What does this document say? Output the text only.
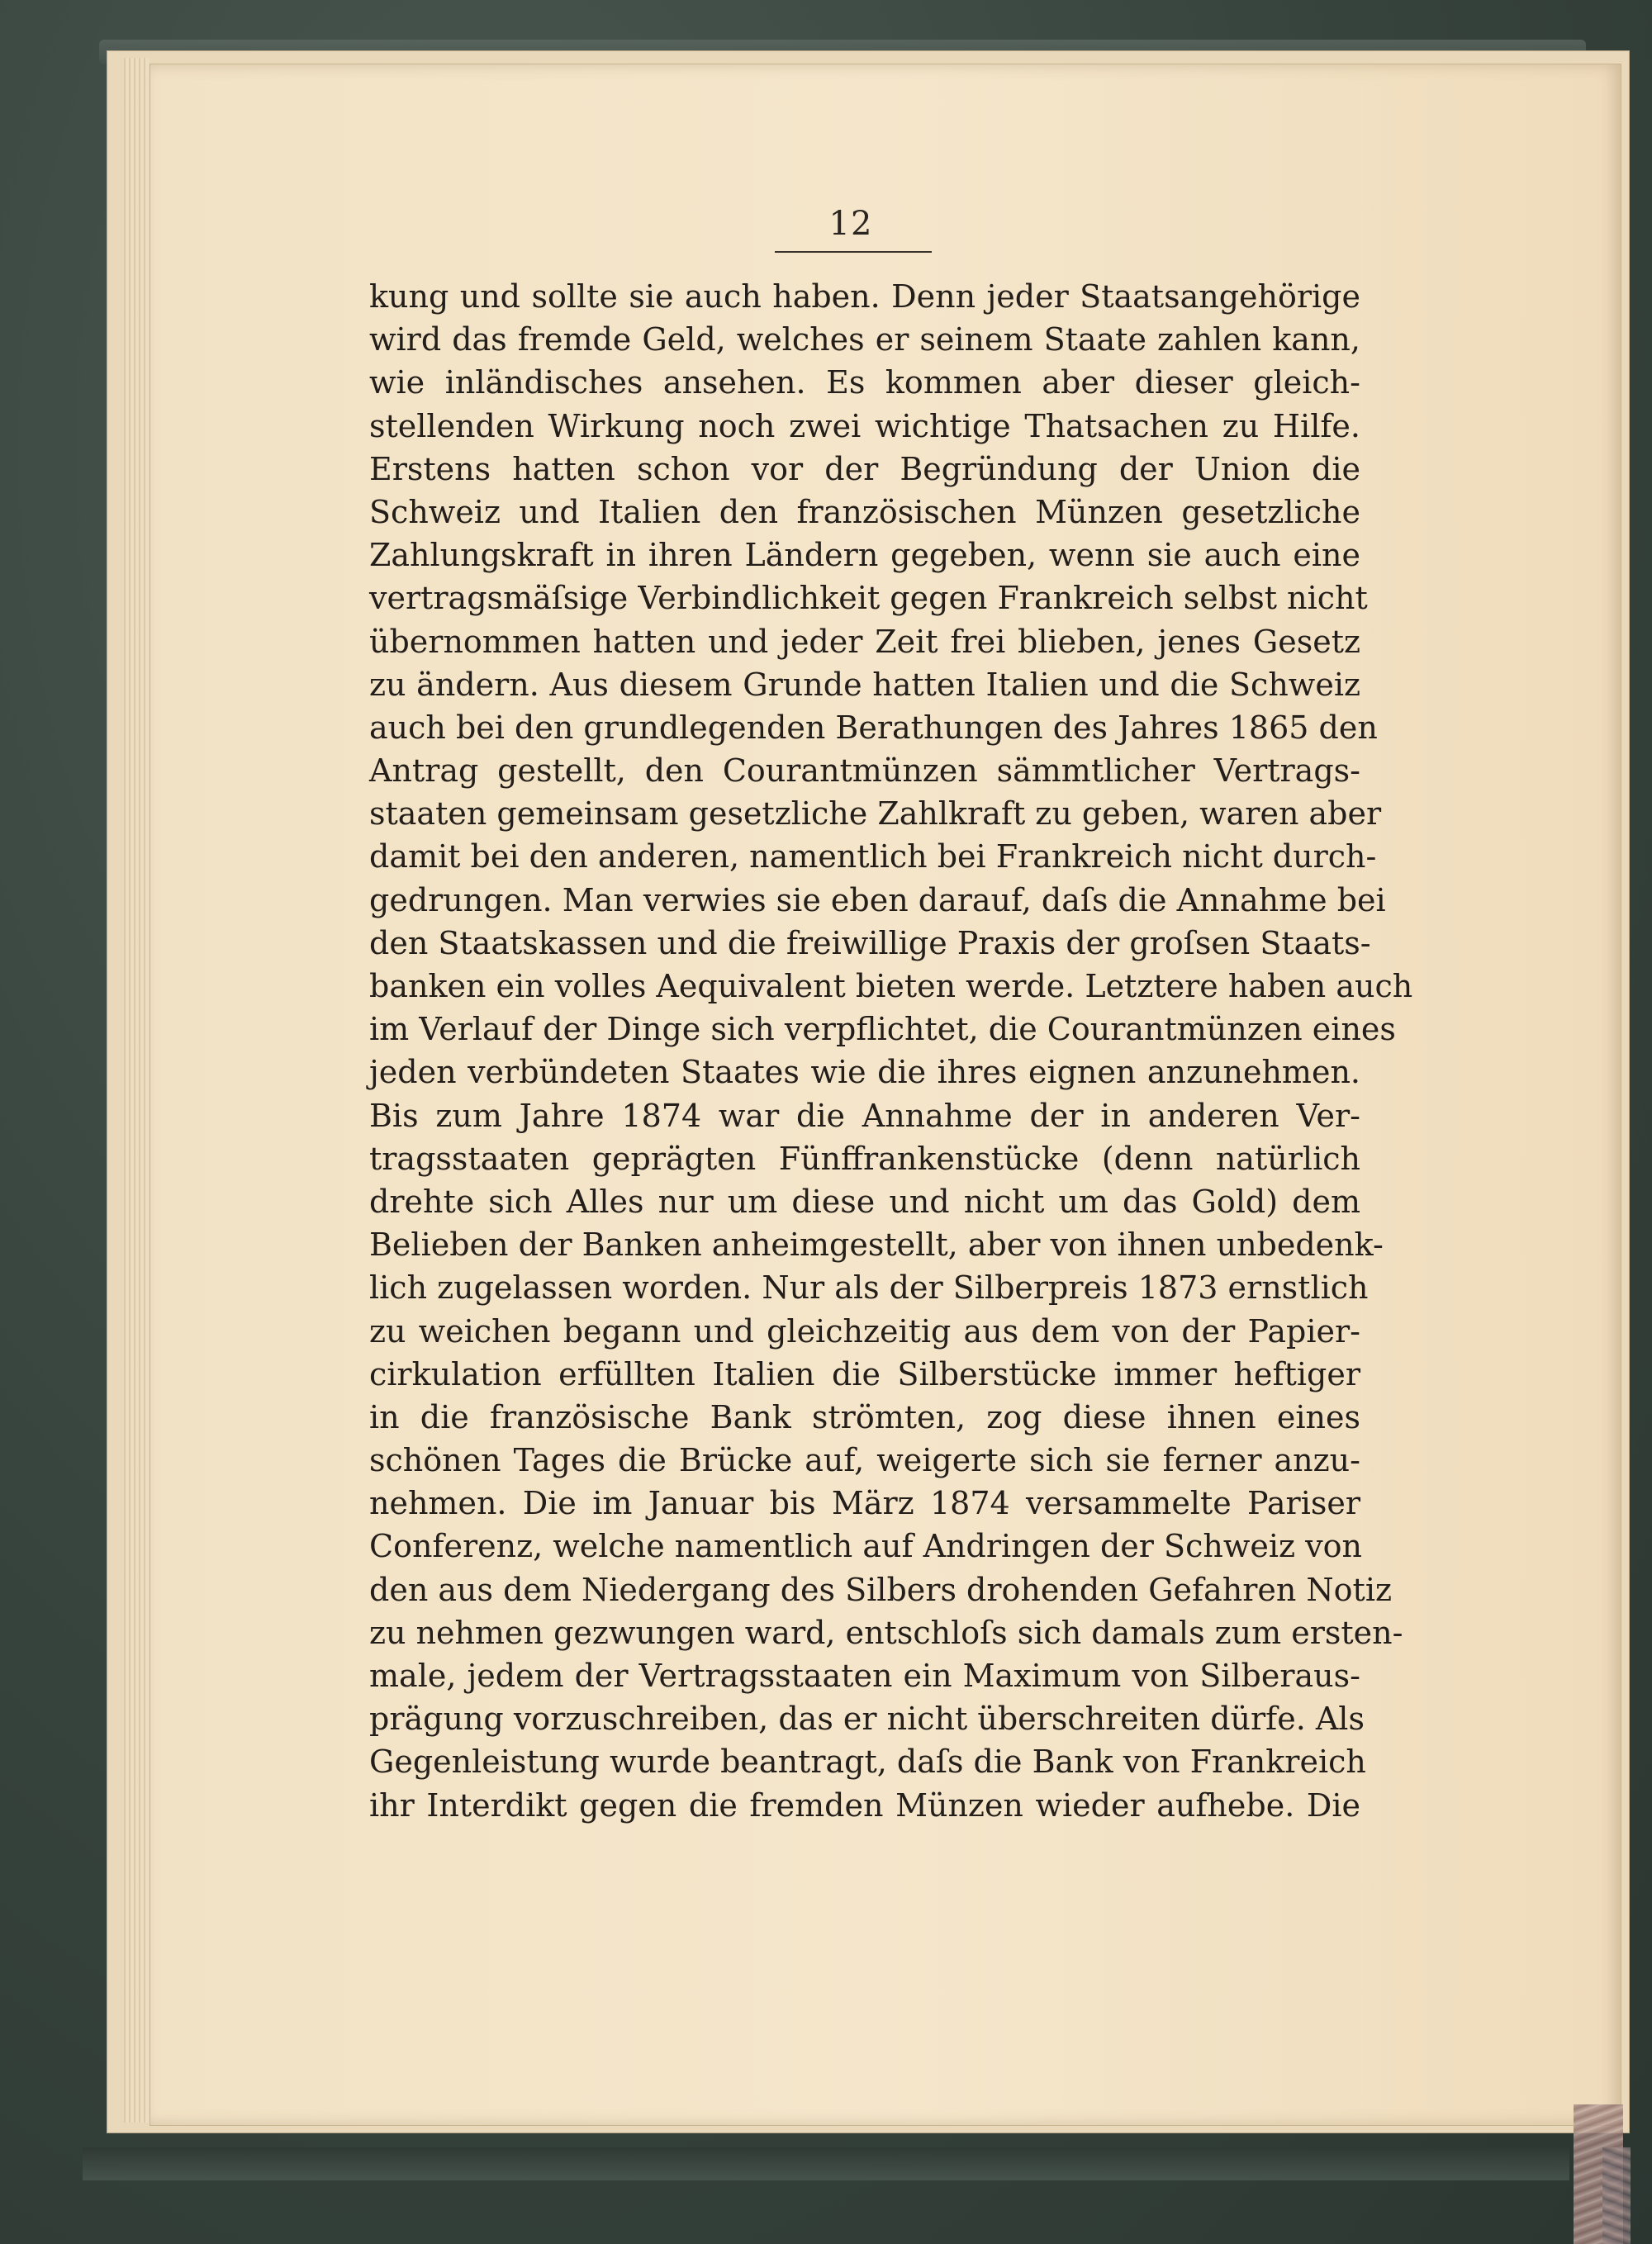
12
kung und sollte sie auch haben. Denn jeder Staatsangehörige
wird das fremde Geld, welches er seinem Staate zahlen kann,
wie inländisches ansehen. Es kommen aber dieser gleich-
stellenden Wirkung noch zwei wichtige Thatsachen zu Hilfe.
Erstens hatten schon vor der Begründung der Union die
Schweiz und Italien den französischen Münzen gesetzliche
Zahlungskraft in ihren Ländern gegeben, wenn sie auch eine
vertragsmäſsige Verbindlichkeit gegen Frankreich selbst nicht
übernommen hatten und jeder Zeit frei blieben, jenes Gesetz
zu ändern. Aus diesem Grunde hatten Italien und die Schweiz
auch bei den grundlegenden Berathungen des Jahres 1865 den
Antrag gestellt, den Courantmünzen sämmtlicher Vertrags-
staaten gemeinsam gesetzliche Zahlkraft zu geben, waren aber
damit bei den anderen, namentlich bei Frankreich nicht durch-
gedrungen. Man verwies sie eben darauf, daſs die Annahme bei
den Staatskassen und die freiwillige Praxis der groſsen Staats-
banken ein volles Aequivalent bieten werde. Letztere haben auch
im Verlauf der Dinge sich verpflichtet, die Courantmünzen eines
jeden verbündeten Staates wie die ihres eignen anzunehmen.
Bis zum Jahre 1874 war die Annahme der in anderen Ver-
tragsstaaten geprägten Fünffrankenstücke (denn natürlich
drehte sich Alles nur um diese und nicht um das Gold) dem
Belieben der Banken anheimgestellt, aber von ihnen unbedenk-
lich zugelassen worden. Nur als der Silberpreis 1873 ernstlich
zu weichen begann und gleichzeitig aus dem von der Papier-
cirkulation erfüllten Italien die Silberstücke immer heftiger
in die französische Bank strömten, zog diese ihnen eines
schönen Tages die Brücke auf, weigerte sich sie ferner anzu-
nehmen. Die im Januar bis März 1874 versammelte Pariser
Conferenz, welche namentlich auf Andringen der Schweiz von
den aus dem Niedergang des Silbers drohenden Gefahren Notiz
zu nehmen gezwungen ward, entschloſs sich damals zum ersten-
male, jedem der Vertragsstaaten ein Maximum von Silberaus-
prägung vorzuschreiben, das er nicht überschreiten dürfe. Als
Gegenleistung wurde beantragt, daſs die Bank von Frankreich
ihr Interdikt gegen die fremden Münzen wieder aufhebe. Die
